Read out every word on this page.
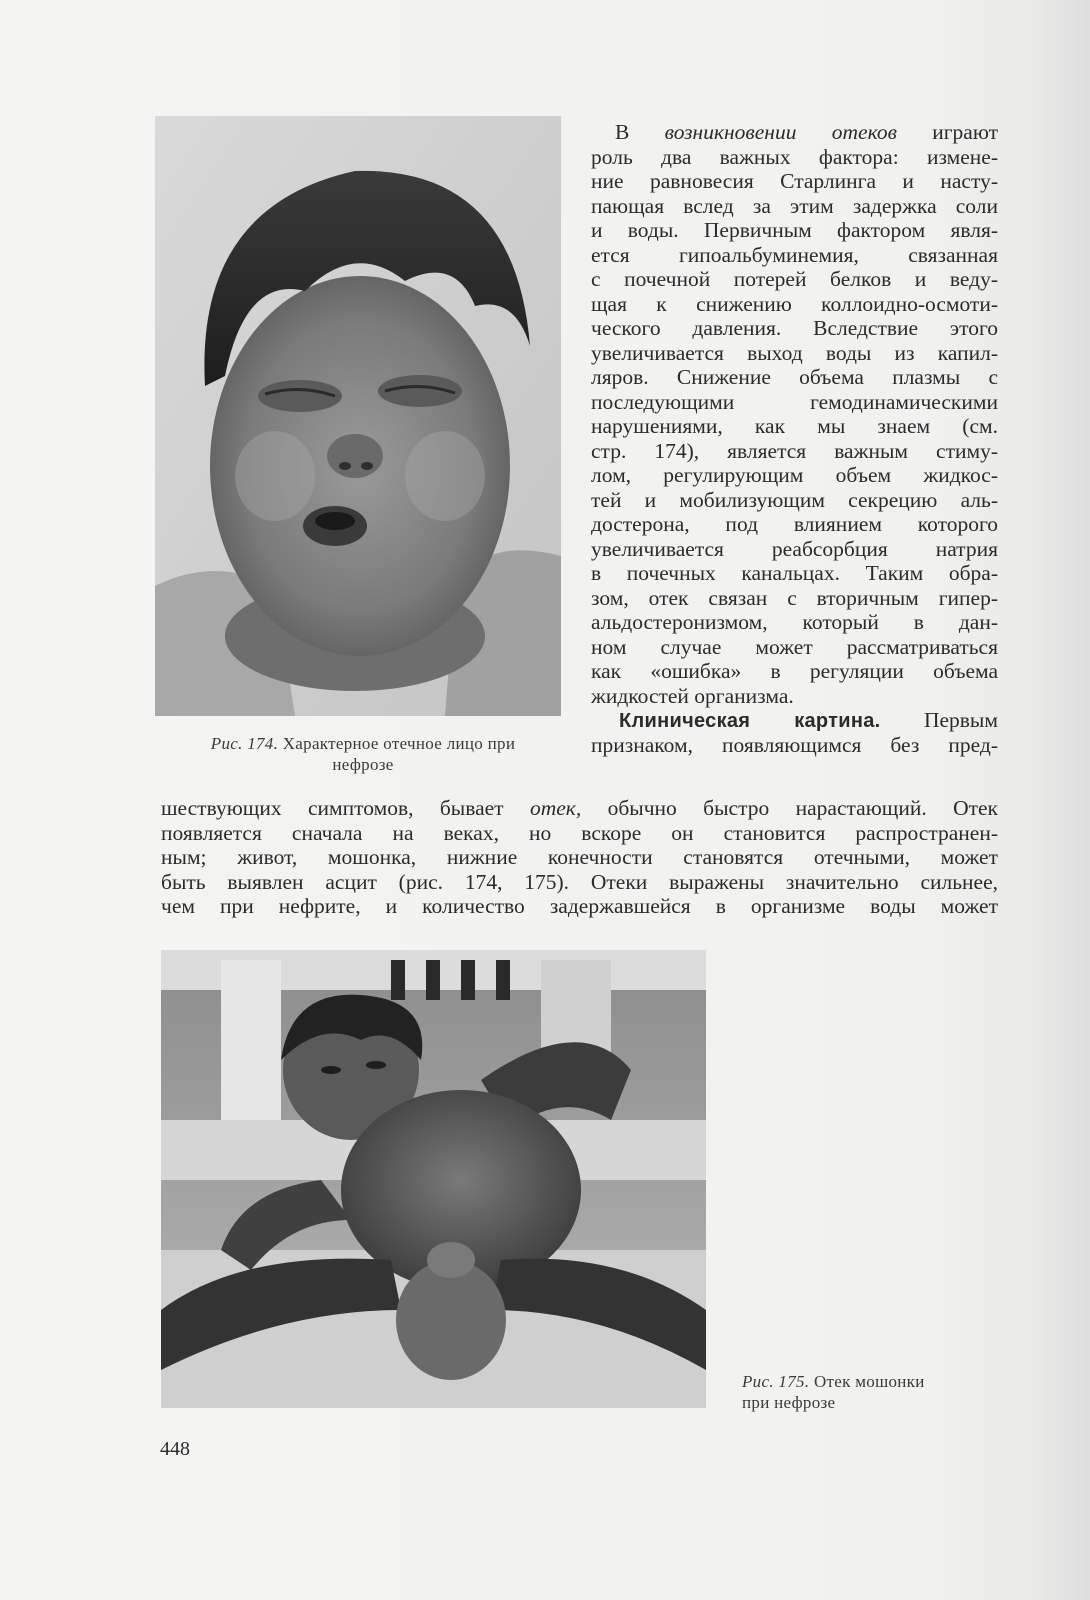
Рис. 174. Характерное отечное лицо при
нефрозе
В возникновении отеков играют
роль два важных фактора: измене-
ние равновесия Старлинга и насту-
пающая вслед за этим задержка соли
и воды. Первичным фактором явля-
ется гипоальбуминемия, связанная
с почечной потерей белков и веду-
щая к снижению коллоидно-осмоти-
ческого давления. Вследствие этого
увеличивается выход воды из капил-
ляров. Снижение объема плазмы с
последующими гемодинамическими
нарушениями, как мы знаем (см.
стр. 174), является важным стиму-
лом, регулирующим объем жидкос-
тей и мобилизующим секрецию аль-
достерона, под влиянием которого
увеличивается реабсорбция натрия
в почечных канальцах. Таким обра-
зом, отек связан с вторичным гипер-
альдостеронизмом, который в дан-
ном случае может рассматриваться
как «ошибка» в регуляции объема
жидкостей организма.
Клиническая картина. Первым
признаком, появляющимся без пред-
шествующих симптомов, бывает отек, обычно быстро нарастающий. Отек
появляется сначала на веках, но вскоре он становится распространен-
ным; живот, мошонка, нижние конечности становятся отечными, может
быть выявлен асцит (рис. 174, 175). Отеки выражены значительно сильнее,
чем при нефрите, и количество задержавшейся в организме воды может
Рис. 175. Отек мошонки
при нефрозе
448
